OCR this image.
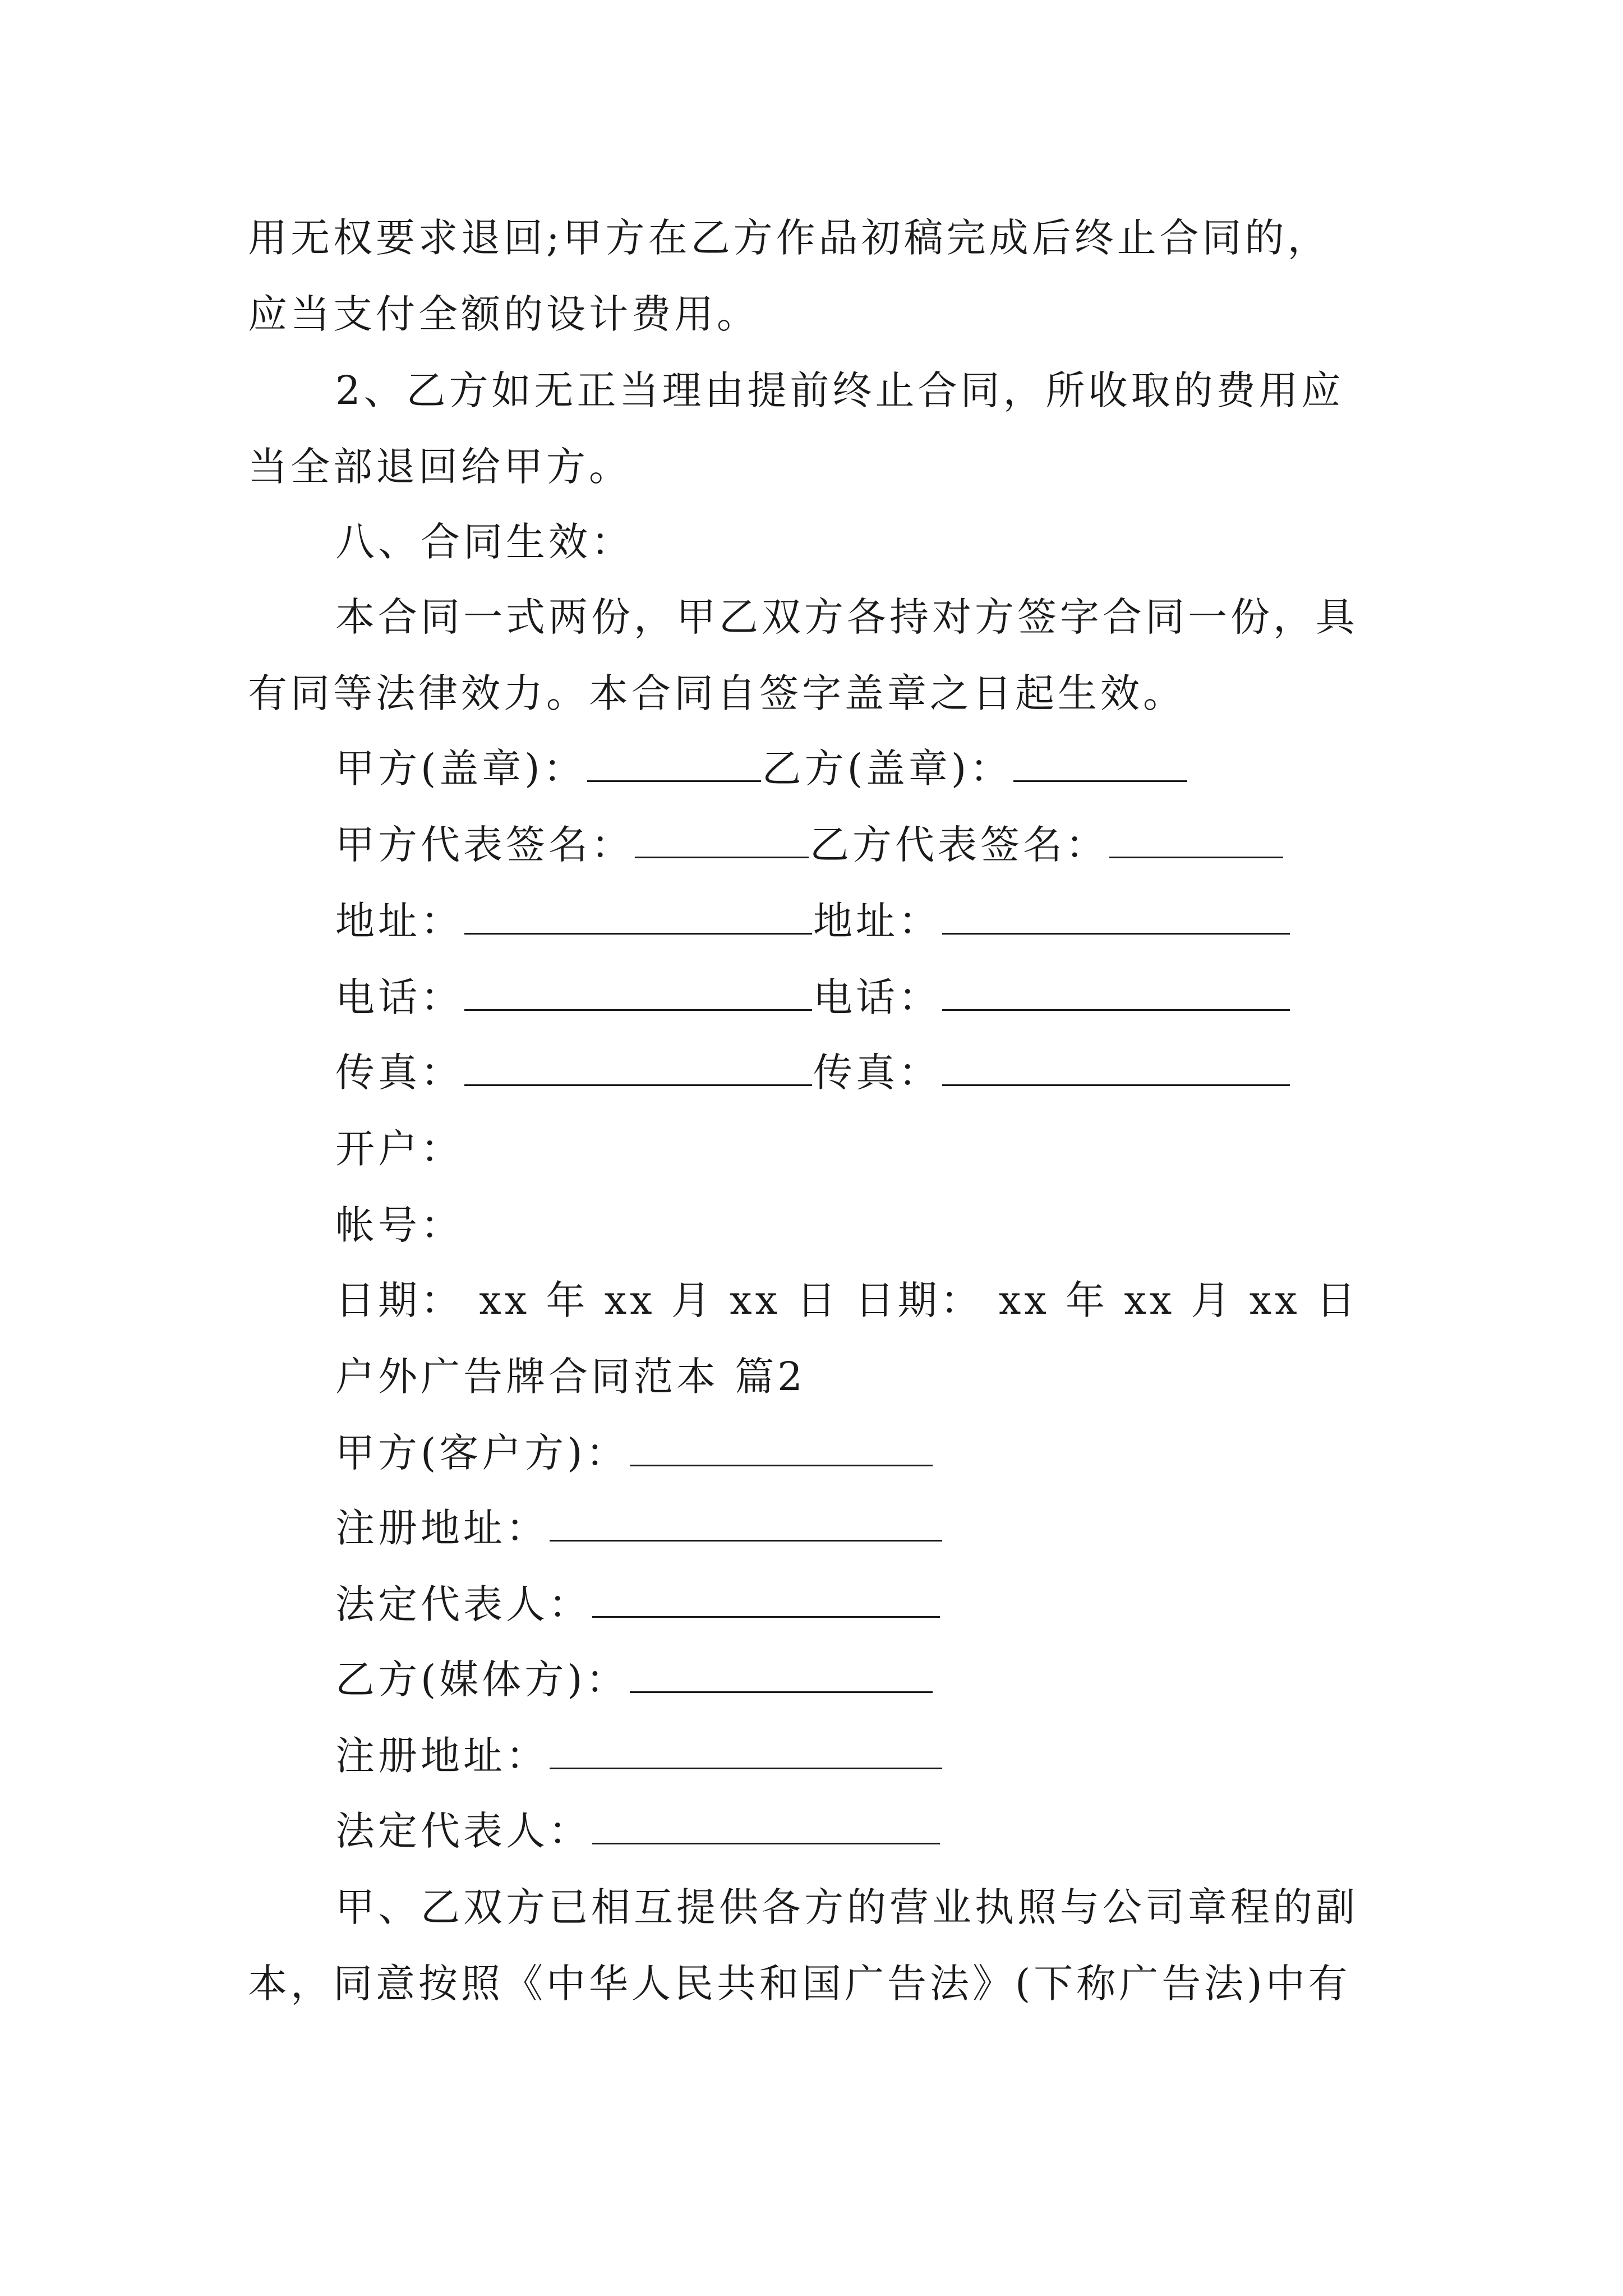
用无权要求退回;甲方在乙方作品初稿完成后终止合同的，
应当支付全额的设计费用。
2、乙方如无正当理由提前终止合同，所收取的费用应
当全部退回给甲方。
八、合同生效：
本合同一式两份，甲乙双方各持对方签字合同一份，具
有同等法律效力。本合同自签字盖章之日起生效。
甲方(盖章)：	乙方(盖章)：
甲方代表签名：	乙方代表签名：
地址：	地址：
电话：	电话：
传真：	传真：
开户：
帐号：
日期： xx 年 xx 月 xx 日 日期： xx 年 xx 月 xx 日
户外广告牌合同范本 篇2
甲方(客户方)：
注册地址：
法定代表人：
乙方(媒体方)：
注册地址：
法定代表人：
甲、乙双方已相互提供各方的营业执照与公司章程的副
本，同意按照《中华人民共和国广告法》(下称广告法)中有
